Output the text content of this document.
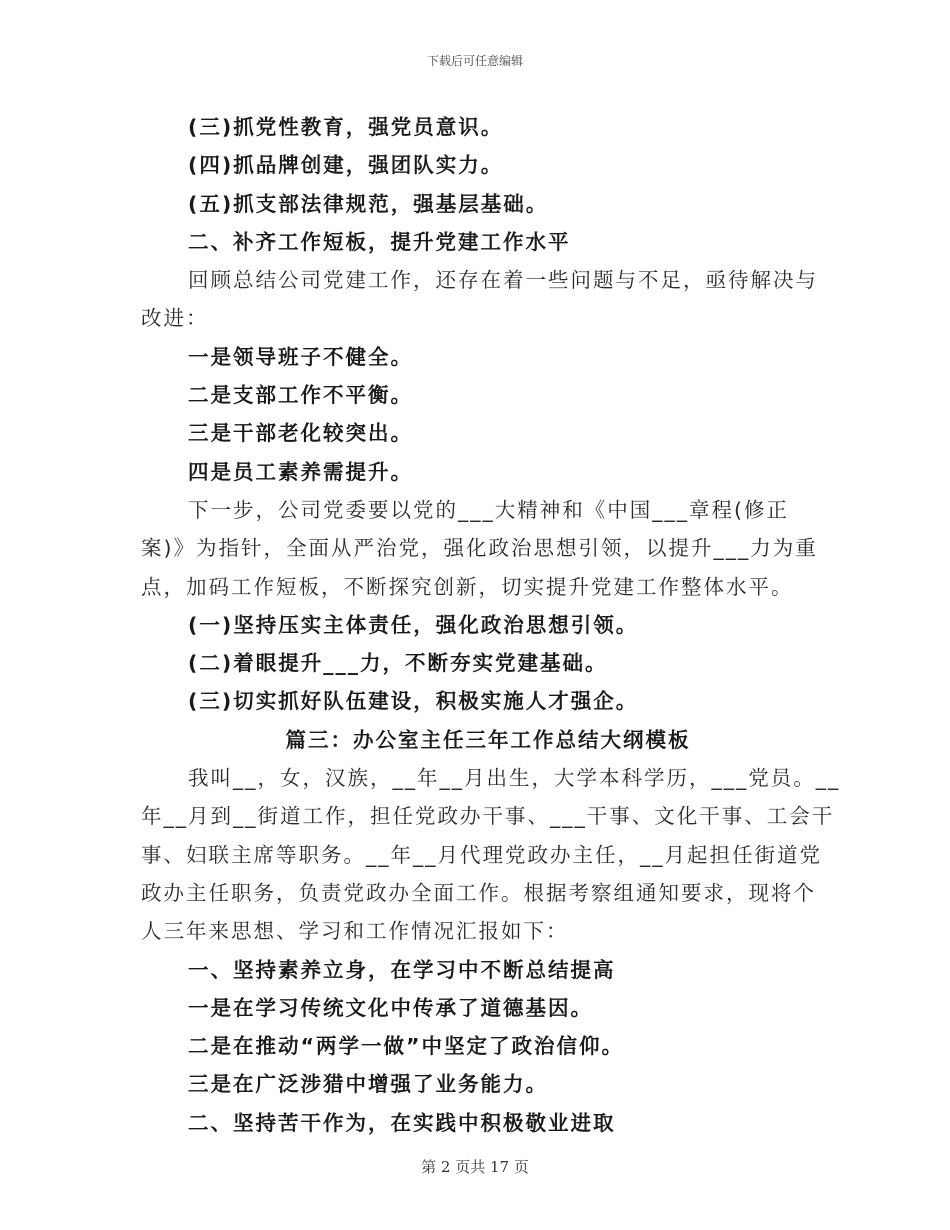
下载后可任意编辑
(三)抓党性教育，强党员意识。
(四)抓品牌创建，强团队实力。
(五)抓支部法律规范，强基层基础。
二、补齐工作短板，提升党建工作水平
回顾总结公司党建工作，还存在着一些问题与不足，亟待解决与
改进：
一是领导班子不健全。
二是支部工作不平衡。
三是干部老化较突出。
四是员工素养需提升。
下一步，公司党委要以党的___大精神和《中国___章程(修正
案)》为指针，全面从严治党，强化政治思想引领，以提升___力为重
点，加码工作短板，不断探究创新，切实提升党建工作整体水平。
(一)坚持压实主体责任，强化政治思想引领。
(二)着眼提升___力，不断夯实党建基础。
(三)切实抓好队伍建设，积极实施人才强企。
篇三：办公室主任三年工作总结大纲模板
我叫__，女，汉族，__年__月出生，大学本科学历，___党员。__
年__月到__街道工作，担任党政办干事、___干事、文化干事、工会干
事、妇联主席等职务。__年__月代理党政办主任，__月起担任街道党
政办主任职务，负责党政办全面工作。根据考察组通知要求，现将个
人三年来思想、学习和工作情况汇报如下：
一、坚持素养立身，在学习中不断总结提高
一是在学习传统文化中传承了道德基因。
二是在推动“两学一做”中坚定了政治信仰。
三是在广泛涉猎中增强了业务能力。
二、坚持苦干作为，在实践中积极敬业进取
第 2 页共 17 页
